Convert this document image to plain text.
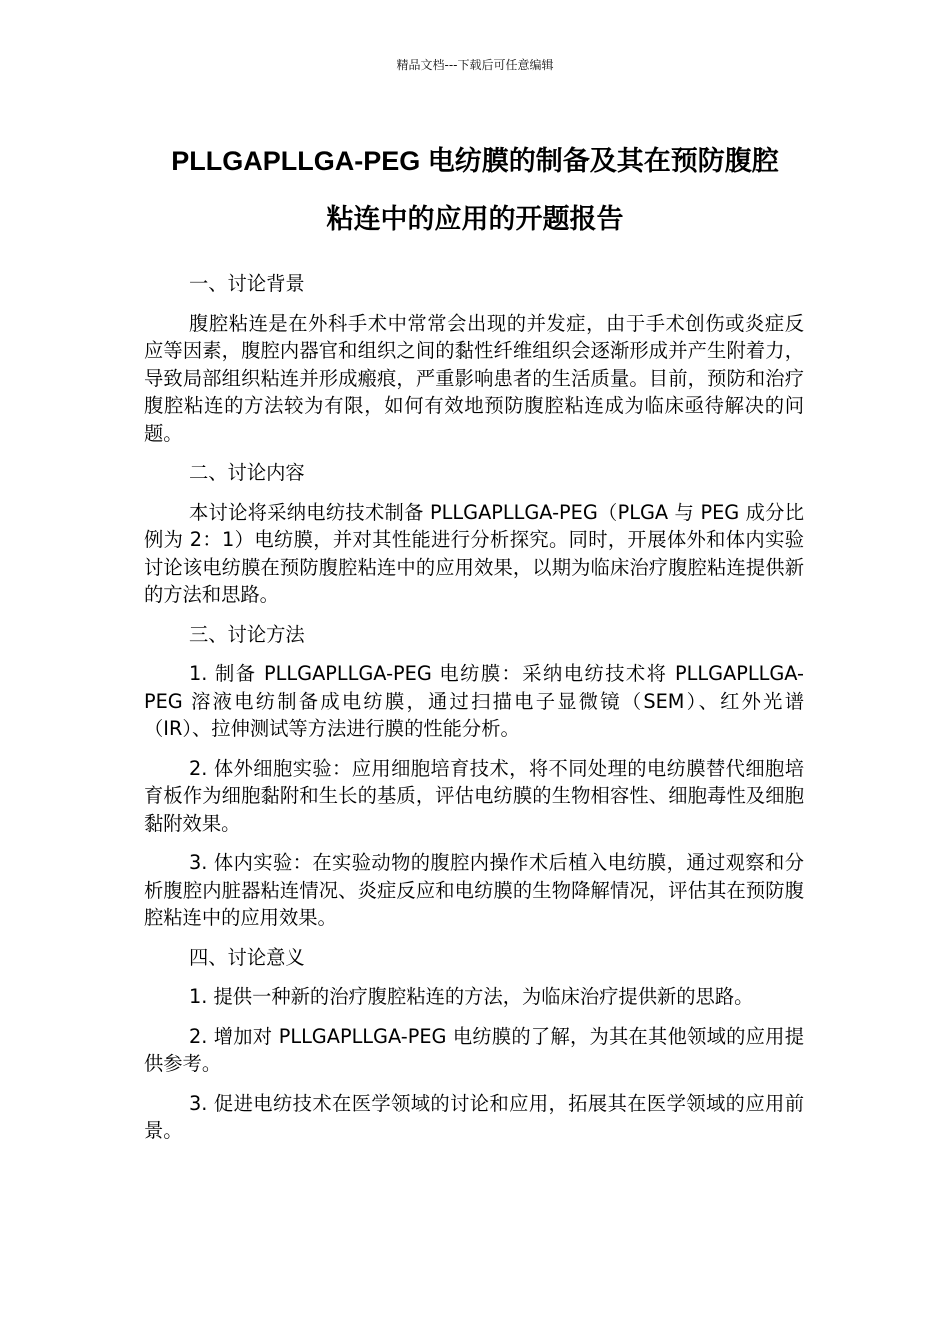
精品文档---下载后可任意编辑
PLLGAPLLGA-PEG 电纺膜的制备及其在预防腹腔
粘连中的应用的开题报告

一、讨论背景

腹腔粘连是在外科手术中常常会出现的并发症，由于手术创伤或炎症反应等因素，腹腔内器官和组织之间的黏性纤维组织会逐渐形成并产生附着力，导致局部组织粘连并形成瘢痕，严重影响患者的生活质量。目前，预防和治疗腹腔粘连的方法较为有限，如何有效地预防腹腔粘连成为临床亟待解决的问题。

二、讨论内容

本讨论将采纳电纺技术制备 PLLGAPLLGA-PEG（PLGA 与 PEG 成分比例为 2：1）电纺膜，并对其性能进行分析探究。同时，开展体外和体内实验讨论该电纺膜在预防腹腔粘连中的应用效果，以期为临床治疗腹腔粘连提供新的方法和思路。

三、讨论方法

1. 制备 PLLGAPLLGA-PEG 电纺膜：采纳电纺技术将 PLLGAPLLGA-PEG 溶液电纺制备成电纺膜，通过扫描电子显微镜（SEM）、红外光谱（IR）、拉伸测试等方法进行膜的性能分析。

2. 体外细胞实验：应用细胞培育技术，将不同处理的电纺膜替代细胞培育板作为细胞黏附和生长的基质，评估电纺膜的生物相容性、细胞毒性及细胞黏附效果。

3. 体内实验：在实验动物的腹腔内操作术后植入电纺膜，通过观察和分析腹腔内脏器粘连情况、炎症反应和电纺膜的生物降解情况，评估其在预防腹腔粘连中的应用效果。

四、讨论意义

1. 提供一种新的治疗腹腔粘连的方法，为临床治疗提供新的思路。

2. 增加对 PLLGAPLLGA-PEG 电纺膜的了解，为其在其他领域的应用提供参考。

3. 促进电纺技术在医学领域的讨论和应用，拓展其在医学领域的应用前景。
